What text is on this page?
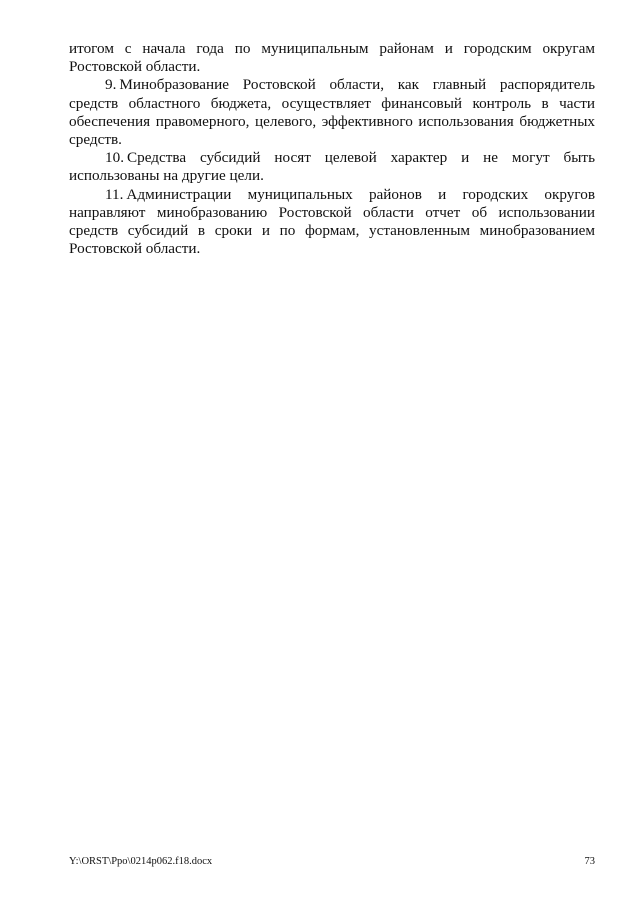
итогом с начала года по муниципальным районам и городским округам Ростовской области.

9. Минобразование Ростовской области, как главный распорядитель средств областного бюджета, осуществляет финансовый контроль в части обеспечения правомерного, целевого, эффективного использования бюджетных средств.

10. Средства субсидий носят целевой характер и не могут быть использованы на другие цели.

11. Администрации муниципальных районов и городских округов направляют минобразованию Ростовской области отчет об использовании средств субсидий в сроки и по формам, установленным минобразованием Ростовской области.

Y:\ORST\Ppo\0214p062.f18.docx	73
